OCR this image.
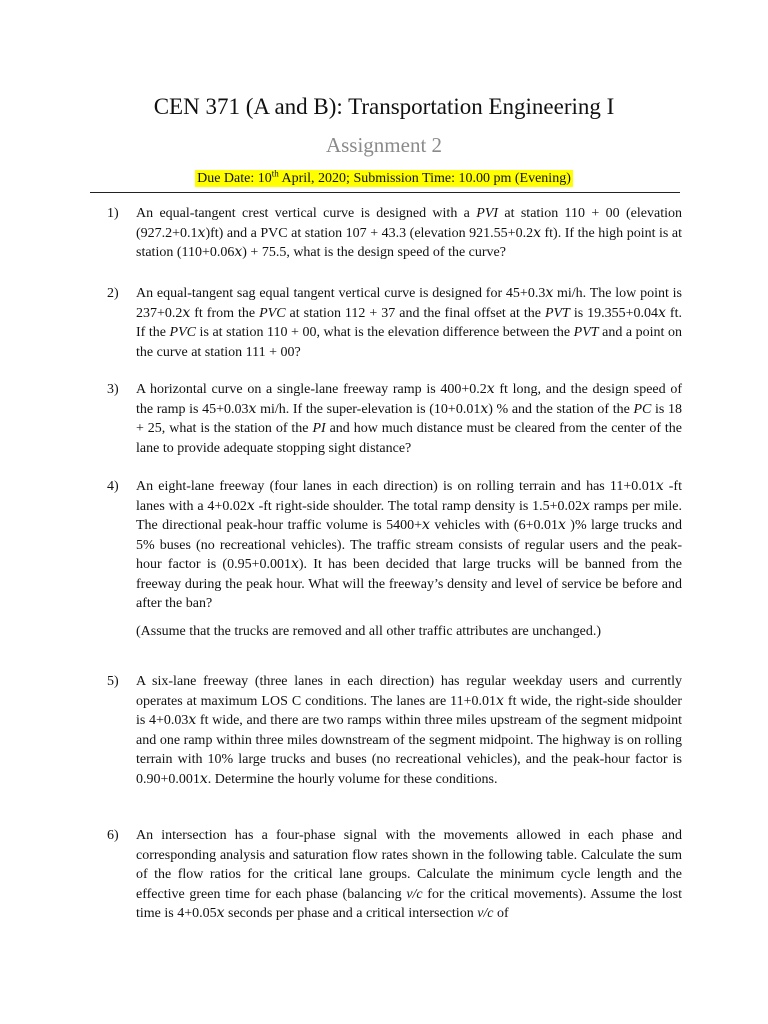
CEN 371 (A and B): Transportation Engineering I
Assignment 2
Due Date: 10th April, 2020; Submission Time: 10.00 pm (Evening)
1) An equal-tangent crest vertical curve is designed with a PVI at station 110 + 00 (elevation (927.2+0.1𝑥)ft) and a PVC at station 107 + 43.3 (elevation 921.55+0.2𝑥 ft). If the high point is at station (110+0.06𝑥) + 75.5, what is the design speed of the curve?

2) An equal-tangent sag equal tangent vertical curve is designed for 45+0.3𝑥 mi/h. The low point is 237+0.2𝑥 ft from the PVC at station 112 + 37 and the final offset at the PVT is 19.355+0.04𝑥 ft. If the PVC is at station 110 + 00, what is the elevation difference between the PVT and a point on the curve at station 111 + 00?

3) A horizontal curve on a single-lane freeway ramp is 400+0.2𝑥 ft long, and the design speed of the ramp is 45+0.03𝑥 mi/h. If the super-elevation is (10+0.01𝑥) % and the station of the PC is 18 + 25, what is the station of the PI and how much distance must be cleared from the center of the lane to provide adequate stopping sight distance?

4) An eight-lane freeway (four lanes in each direction) is on rolling terrain and has 11+0.01𝑥 -ft lanes with a 4+0.02𝑥 -ft right-side shoulder. The total ramp density is 1.5+0.02𝑥 ramps per mile. The directional peak-hour traffic volume is 5400+𝑥 vehicles with (6+0.01𝑥 )% large trucks and 5% buses (no recreational vehicles). The traffic stream consists of regular users and the peak-hour factor is (0.95+0.001𝑥). It has been decided that large trucks will be banned from the freeway during the peak hour. What will the freeway’s density and level of service be before and after the ban?

(Assume that the trucks are removed and all other traffic attributes are unchanged.)

5) A six-lane freeway (three lanes in each direction) has regular weekday users and currently operates at maximum LOS C conditions. The lanes are 11+0.01𝑥 ft wide, the right-side shoulder is 4+0.03𝑥 ft wide, and there are two ramps within three miles upstream of the segment midpoint and one ramp within three miles downstream of the segment midpoint. The highway is on rolling terrain with 10% large trucks and buses (no recreational vehicles), and the peak-hour factor is 0.90+0.001𝑥. Determine the hourly volume for these conditions.

6) An intersection has a four-phase signal with the movements allowed in each phase and corresponding analysis and saturation flow rates shown in the following table. Calculate the sum of the flow ratios for the critical lane groups. Calculate the minimum cycle length and the effective green time for each phase (balancing v/c for the critical movements). Assume the lost time is 4+0.05𝑥 seconds per phase and a critical intersection v/c of
